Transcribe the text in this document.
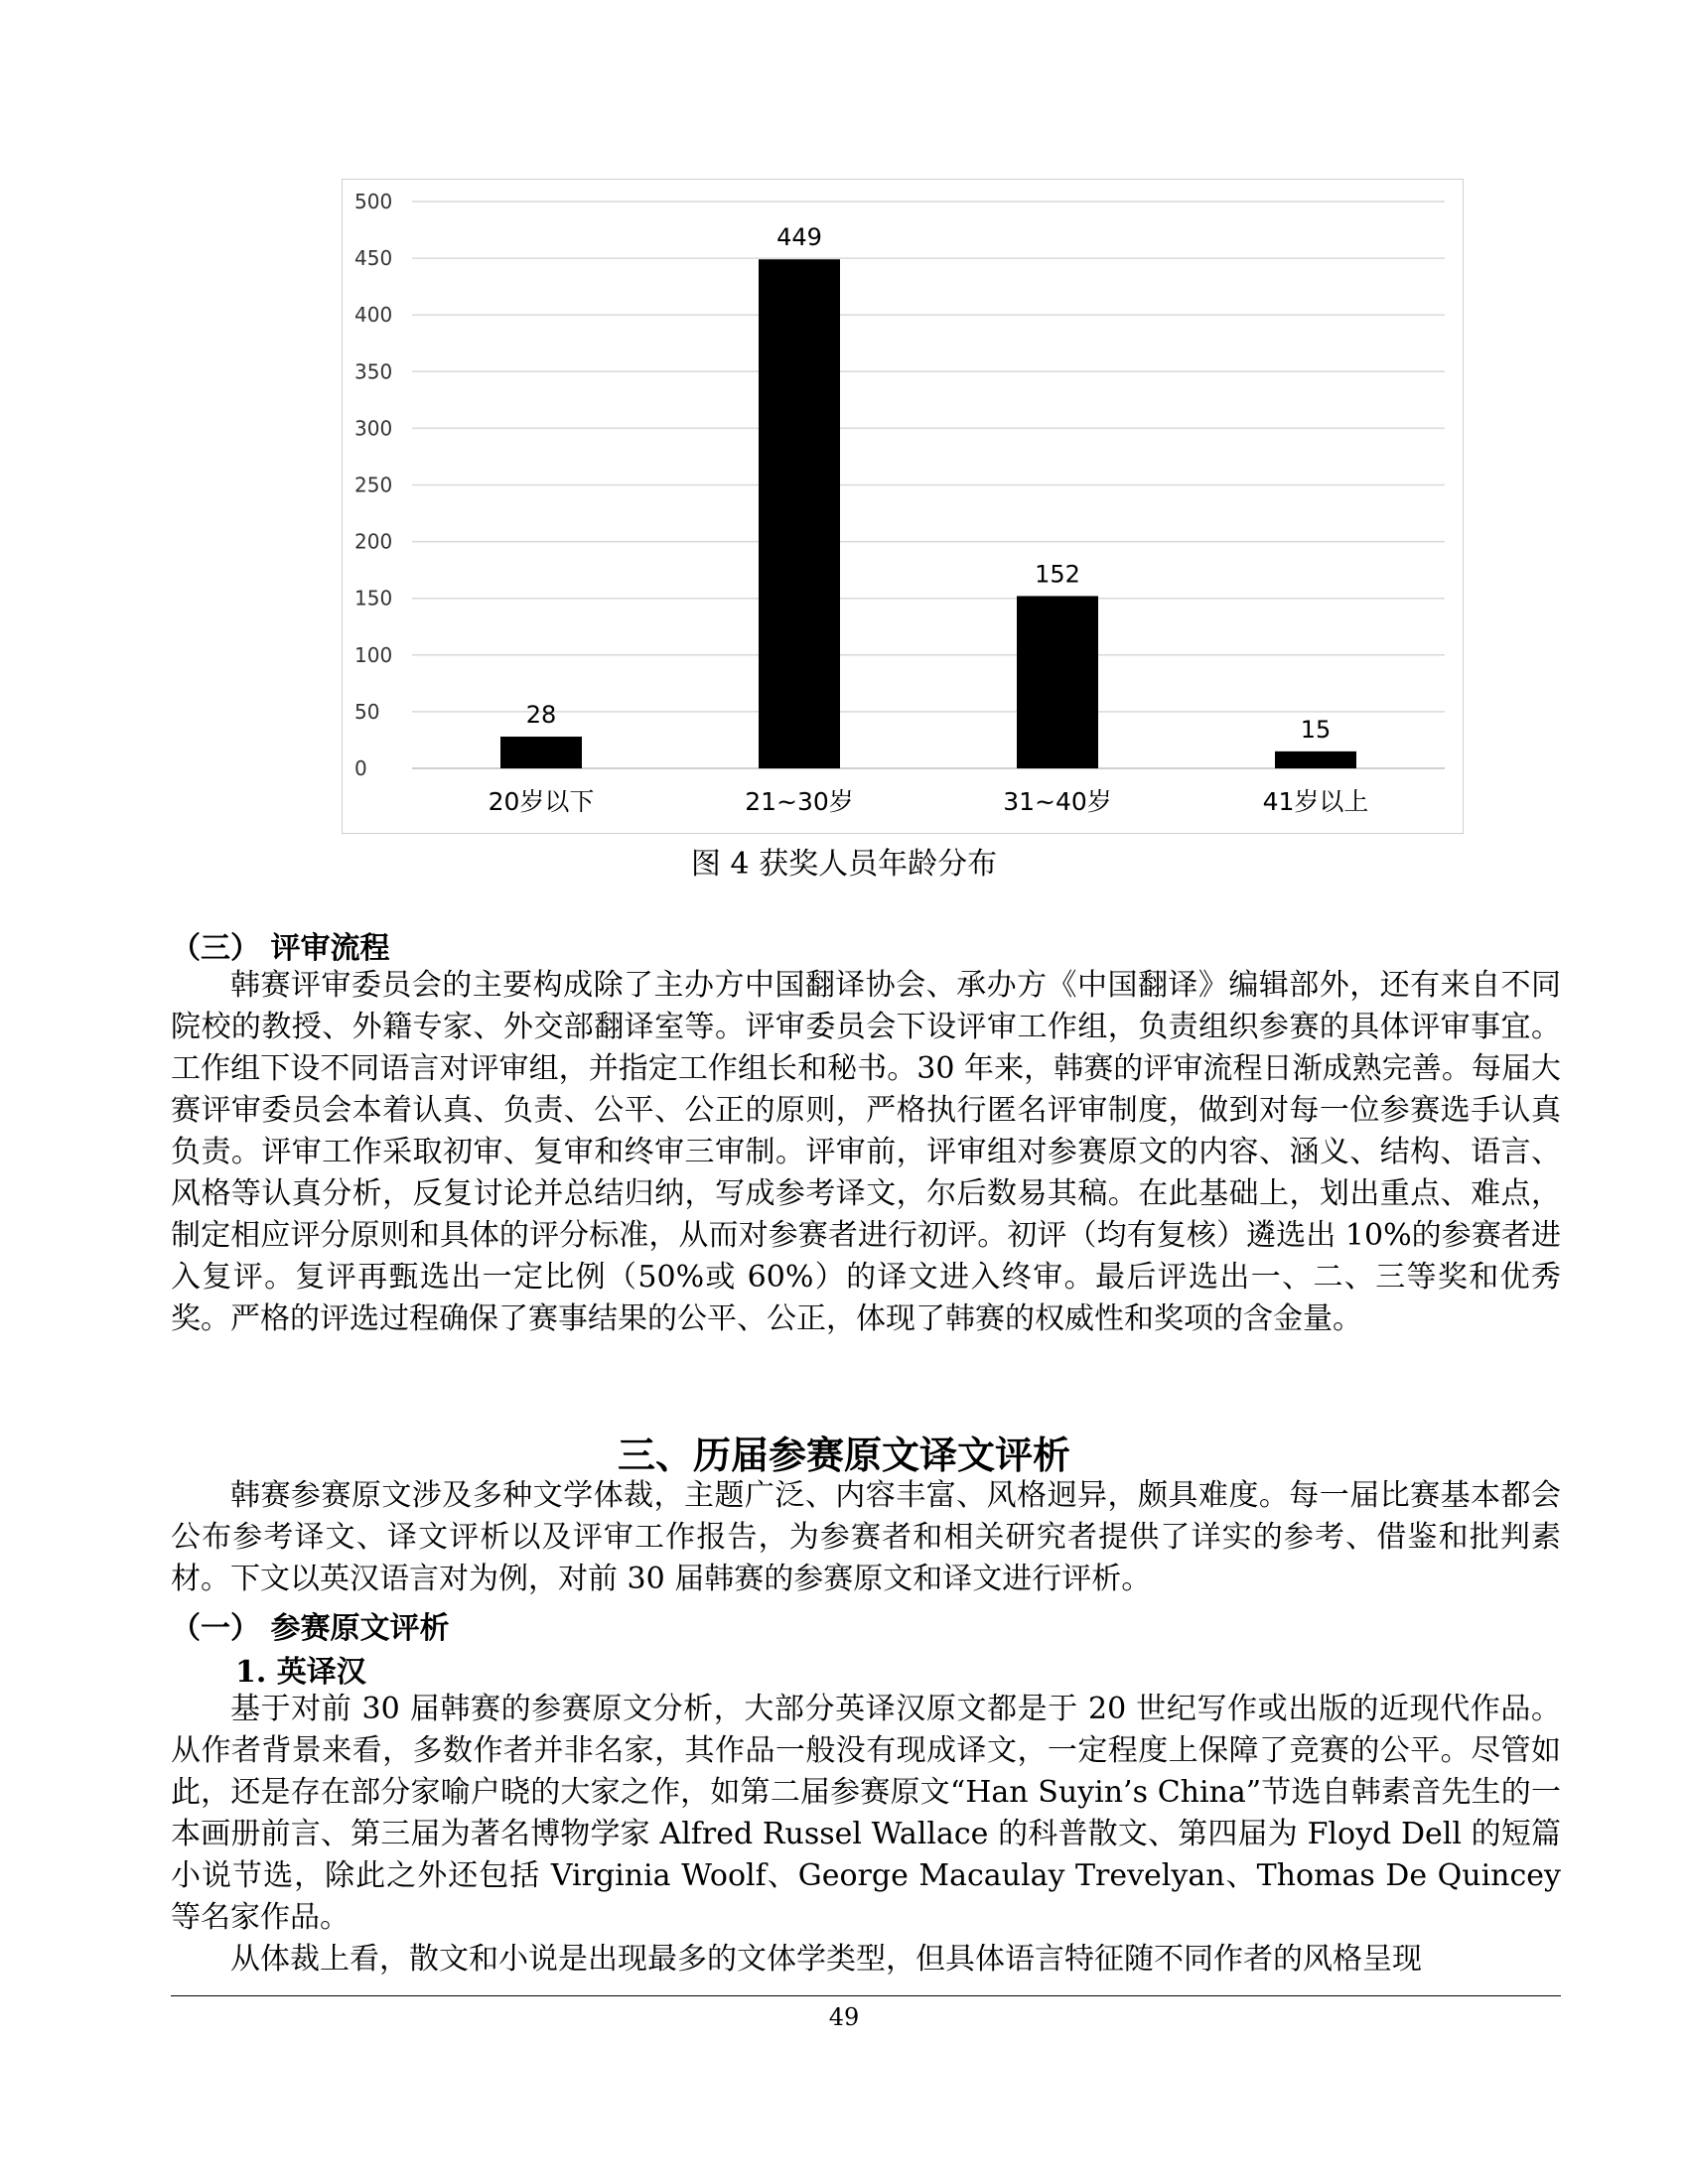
0
50
100
150
200
250
300
350
400
450
500
28
20岁以下
449
21~30岁
152
31~40岁
15
41岁以上
图 4 获奖人员年龄分布
（三） 评审流程
韩赛评审委员会的主要构成除了主办方中国翻译协会、承办方《中国翻译》编辑部外，还有来自不同院校的教授、外籍专家、外交部翻译室等。评审委员会下设评审工作组，负责组织参赛的具体评审事宜。工作组下设不同语言对评审组，并指定工作组长和秘书。30 年来，韩赛的评审流程日渐成熟完善。每届大赛评审委员会本着认真、负责、公平、公正的原则，严格执行匿名评审制度，做到对每一位参赛选手认真负责。评审工作采取初审、复审和终审三审制。评审前，评审组对参赛原文的内容、涵义、结构、语言、风格等认真分析，反复讨论并总结归纳，写成参考译文，尔后数易其稿。在此基础上，划出重点、难点，制定相应评分原则和具体的评分标准，从而对参赛者进行初评。初评（均有复核）遴选出 10%的参赛者进入复评。复评再甄选出一定比例（50%或 60%）的译文进入终审。最后评选出一、二、三等奖和优秀奖。严格的评选过程确保了赛事结果的公平、公正，体现了韩赛的权威性和奖项的含金量。
三、历届参赛原文译文评析
韩赛参赛原文涉及多种文学体裁，主题广泛、内容丰富、风格迥异，颇具难度。每一届比赛基本都会公布参考译文、译文评析以及评审工作报告，为参赛者和相关研究者提供了详实的参考、借鉴和批判素材。下文以英汉语言对为例，对前 30 届韩赛的参赛原文和译文进行评析。
（一） 参赛原文评析
1. 英译汉
基于对前 30 届韩赛的参赛原文分析，大部分英译汉原文都是于 20 世纪写作或出版的近现代作品。从作者背景来看，多数作者并非名家，其作品一般没有现成译文，一定程度上保障了竞赛的公平。尽管如此，还是存在部分家喻户晓的大家之作，如第二届参赛原文“Han Suyin’s China”节选自韩素音先生的一本画册前言、第三届为著名博物学家 Alfred Russel Wallace 的科普散文、第四届为 Floyd Dell 的短篇小说节选，除此之外还包括 Virginia Woolf、George Macaulay Trevelyan、Thomas De Quincey 等名家作品。
从体裁上看，散文和小说是出现最多的文体学类型，但具体语言特征随不同作者的风格呈现
49
